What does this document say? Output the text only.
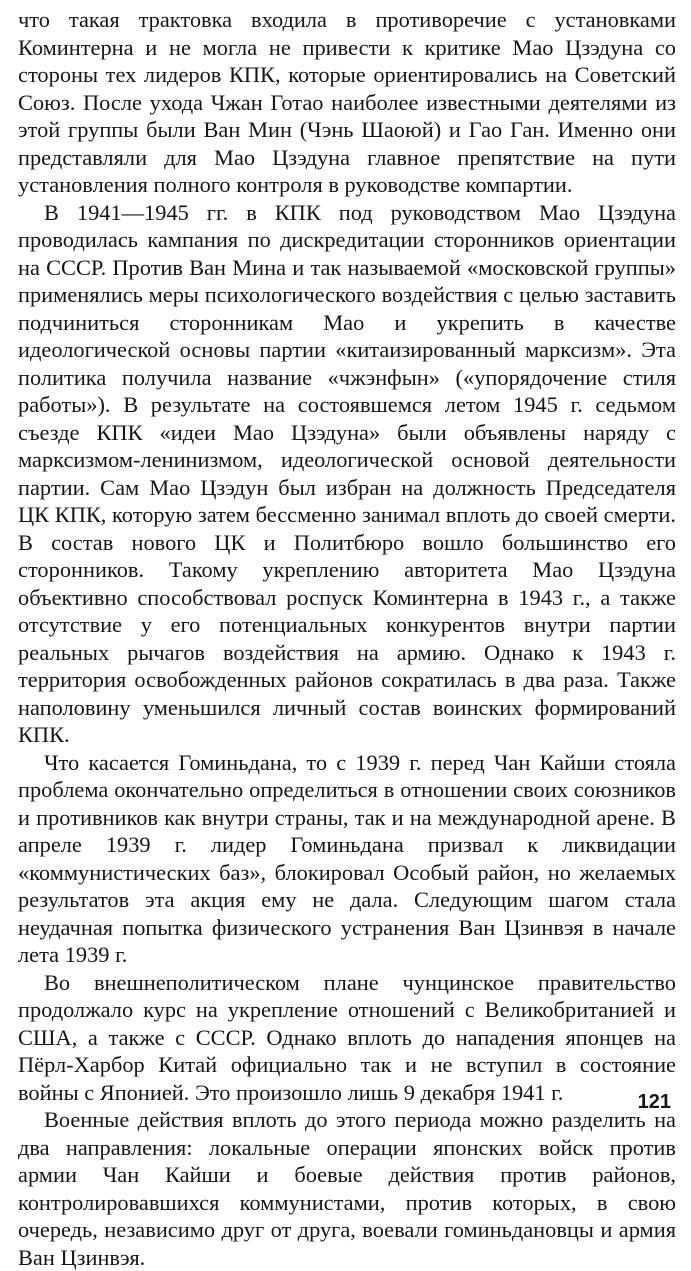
что такая трактовка входила в противоречие с установками Коминтерна и не могла не привести к критике Мао Цзэдуна со стороны тех лидеров КПК, которые ориентировались на Советский Союз. После ухода Чжан Готао наиболее известными деятелями из этой группы были Ван Мин (Чэнь Шаоюй) и Гао Ган. Именно они представляли для Мао Цзэдуна главное препятствие на пути установления полного контроля в руководстве компартии.

В 1941—1945 гг. в КПК под руководством Мао Цзэдуна проводилась кампания по дискредитации сторонников ориентации на СССР. Против Ван Мина и так называемой «московской группы» применялись меры психологического воздействия с целью заставить подчиниться сторонникам Мао и укрепить в качестве идеологической основы партии «китаизированный марксизм». Эта политика получила название «чжэнфын» («упорядочение стиля работы»). В результате на состоявшемся летом 1945 г. седьмом съезде КПК «идеи Мао Цзэдуна» были объявлены наряду с марксизмом-ленинизмом, идеологической основой деятельности партии. Сам Мао Цзэдун был избран на должность Председателя ЦК КПК, которую затем бессменно занимал вплоть до своей смерти. В состав нового ЦК и Политбюро вошло большинство его сторонников. Такому укреплению авторитета Мао Цзэдуна объективно способствовал роспуск Коминтерна в 1943 г., а также отсутствие у его потенциальных конкурентов внутри партии реальных рычагов воздействия на армию. Однако к 1943 г. территория освобожденных районов сократилась в два раза. Также наполовину уменьшился личный состав воинских формирований КПК.

Что касается Гоминьдана, то с 1939 г. перед Чан Кайши стояла проблема окончательно определиться в отношении своих союзников и противников как внутри страны, так и на международной арене. В апреле 1939 г. лидер Гоминьдана призвал к ликвидации «коммунистических баз», блокировал Особый район, но желаемых результатов эта акция ему не дала. Следующим шагом стала неудачная попытка физического устранения Ван Цзинвэя в начале лета 1939 г.

Во внешнеполитическом плане чунцинское правительство продолжало курс на укрепление отношений с Великобританией и США, а также с СССР. Однако вплоть до нападения японцев на Пёрл-Харбор Китай официально так и не вступил в состояние войны с Японией. Это произошло лишь 9 декабря 1941 г.

Военные действия вплоть до этого периода можно разделить на два направления: локальные операции японских войск против армии Чан Кайши и боевые действия против районов, контролировавшихся коммунистами, против которых, в свою очередь, независимо друг от друга, воевали гоминьдановцы и армия Ван Цзинвэя.

121
